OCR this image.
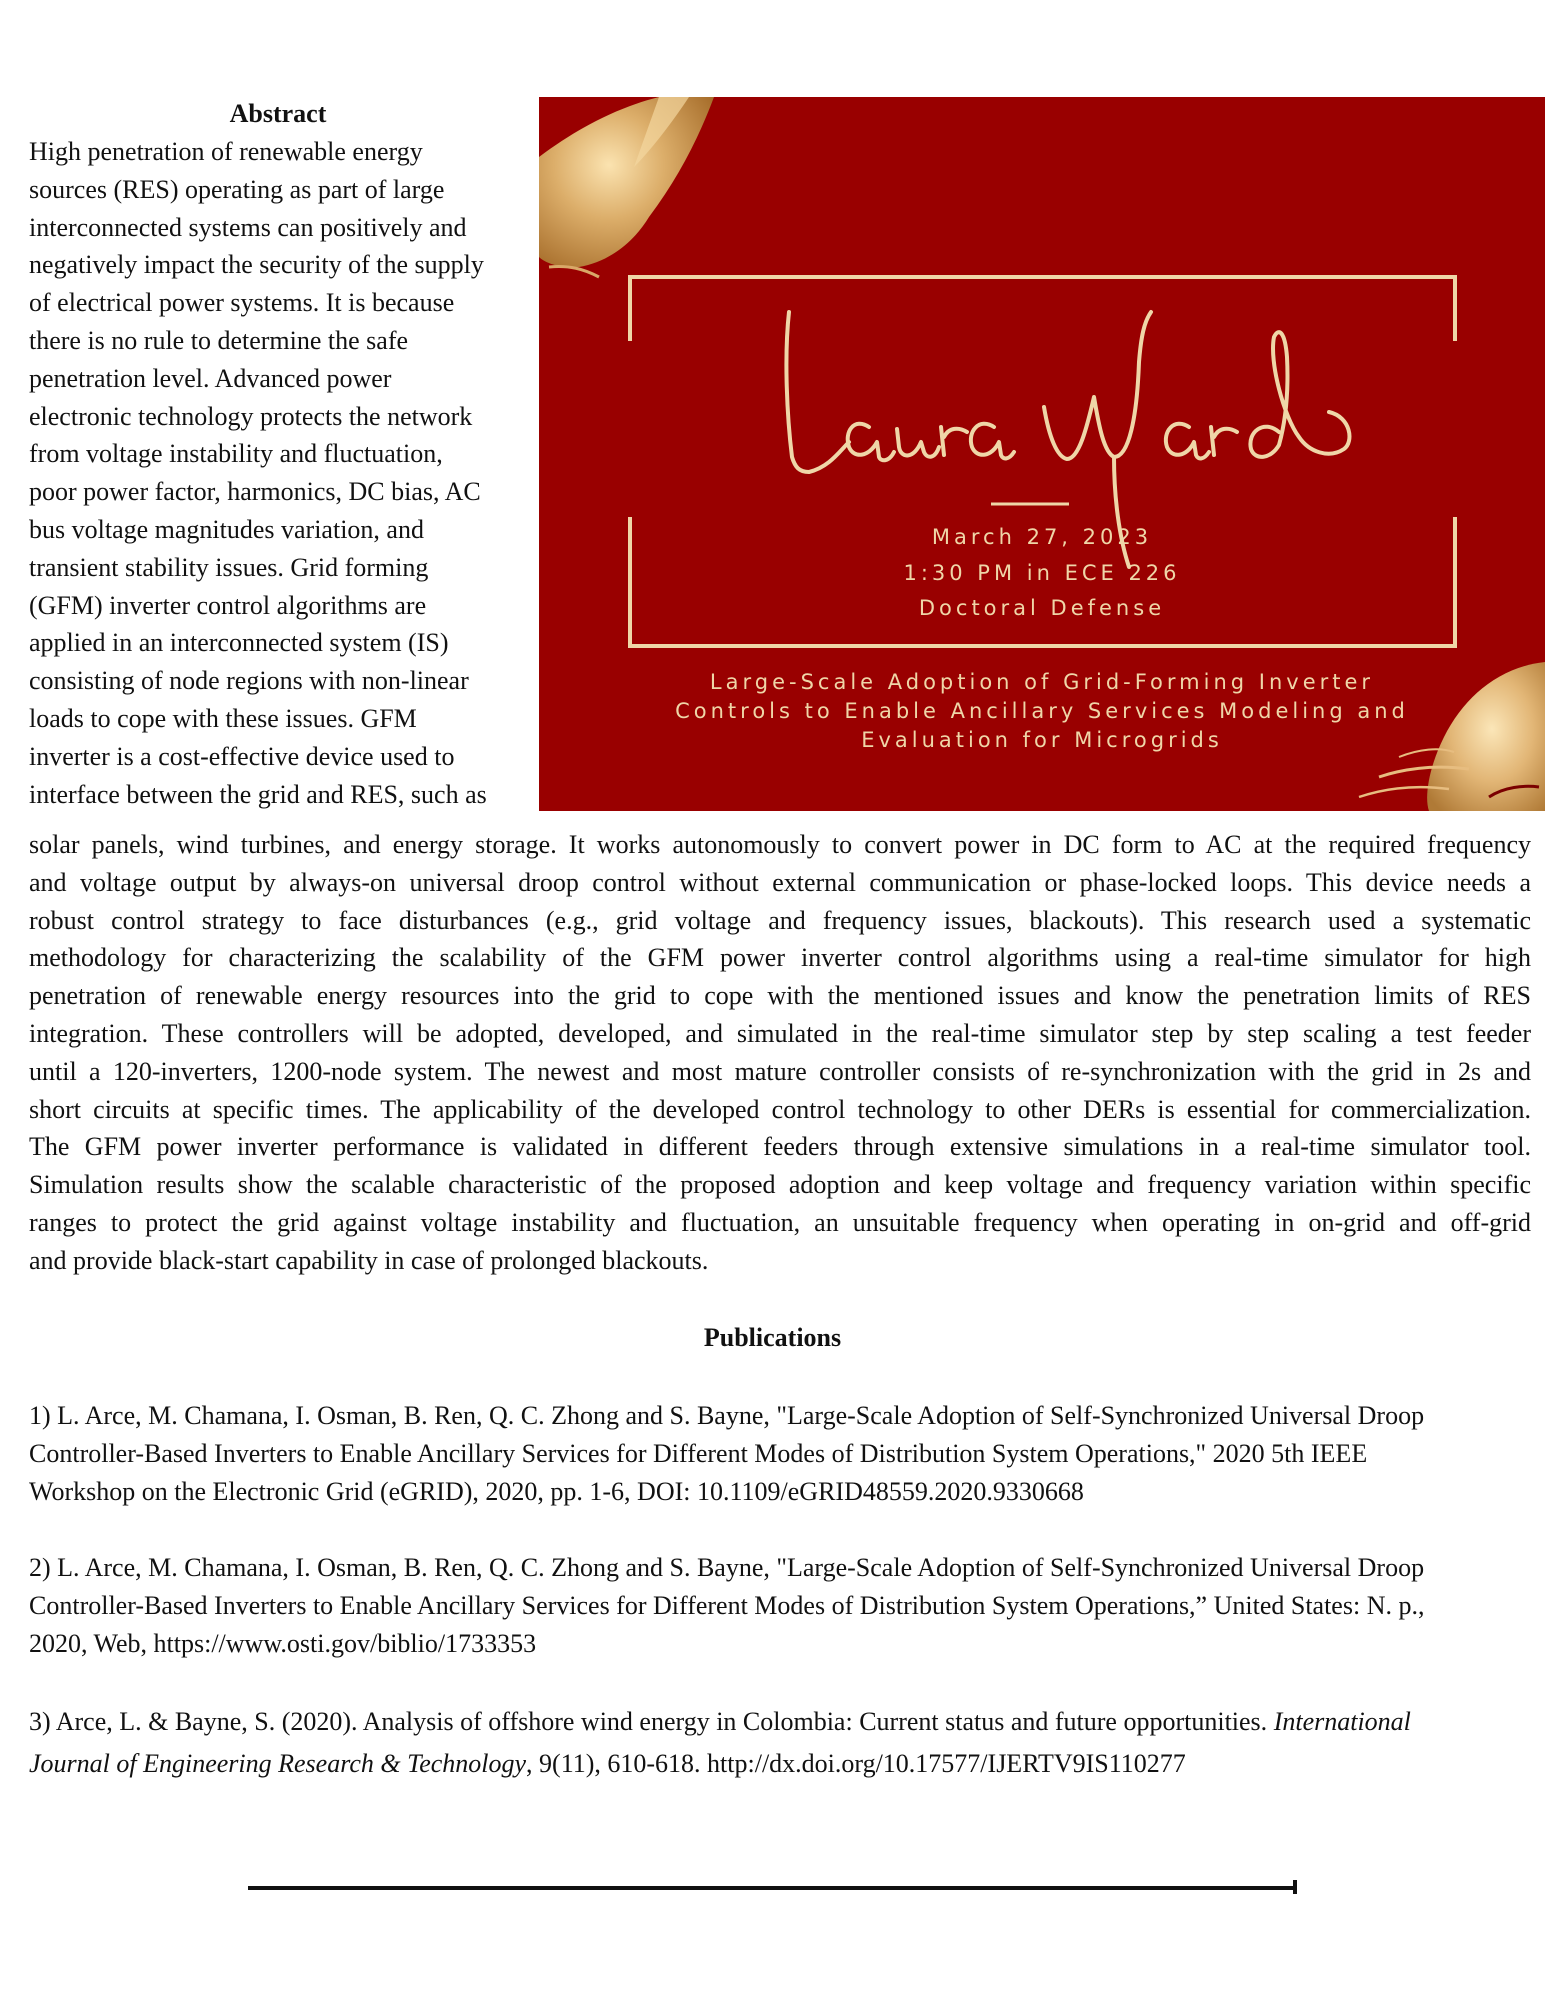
Abstract
High penetration of renewable energy
sources (RES) operating as part of large
interconnected systems can positively and
negatively impact the security of the supply
of electrical power systems. It is because
there is no rule to determine the safe
penetration level. Advanced power
electronic technology protects the network
from voltage instability and fluctuation,
poor power factor, harmonics, DC bias, AC
bus voltage magnitudes variation, and
transient stability issues. Grid forming
(GFM) inverter control algorithms are
applied in an interconnected system (IS)
consisting of node regions with non-linear
loads to cope with these issues. GFM
inverter is a cost-effective device used to
interface between the grid and RES, such as
March 27, 2023
1:30 PM in ECE 226
Doctoral Defense
Large-Scale Adoption of Grid-Forming Inverter
Controls to Enable Ancillary Services Modeling and
Evaluation for Microgrids
solar panels, wind turbines, and energy storage. It works autonomously to convert power in DC form to AC at the required frequency
and voltage output by always-on universal droop control without external communication or phase-locked loops. This device needs a
robust control strategy to face disturbances (e.g., grid voltage and frequency issues, blackouts). This research used a systematic
methodology for characterizing the scalability of the GFM power inverter control algorithms using a real-time simulator for high
penetration of renewable energy resources into the grid to cope with the mentioned issues and know the penetration limits of RES
integration. These controllers will be adopted, developed, and simulated in the real-time simulator step by step scaling a test feeder
until a 120-inverters, 1200-node system. The newest and most mature controller consists of re-synchronization with the grid in 2s and
short circuits at specific times. The applicability of the developed control technology to other DERs is essential for commercialization.
The GFM power inverter performance is validated in different feeders through extensive simulations in a real-time simulator tool.
Simulation results show the scalable characteristic of the proposed adoption and keep voltage and frequency variation within specific
ranges to protect the grid against voltage instability and fluctuation, an unsuitable frequency when operating in on-grid and off-grid
and provide black-start capability in case of prolonged blackouts.
Publications
1) L. Arce, M. Chamana, I. Osman, B. Ren, Q. C. Zhong and S. Bayne, "Large-Scale Adoption of Self-Synchronized Universal Droop
Controller-Based Inverters to Enable Ancillary Services for Different Modes of Distribution System Operations," 2020 5th IEEE
Workshop on the Electronic Grid (eGRID), 2020, pp. 1-6, DOI: 10.1109/eGRID48559.2020.9330668
2) L. Arce, M. Chamana, I. Osman, B. Ren, Q. C. Zhong and S. Bayne, "Large-Scale Adoption of Self-Synchronized Universal Droop
Controller-Based Inverters to Enable Ancillary Services for Different Modes of Distribution System Operations,” United States: N. p.,
2020, Web, https://www.osti.gov/biblio/1733353
3) Arce, L. & Bayne, S. (2020). Analysis of offshore wind energy in Colombia: Current status and future opportunities. International
Journal of Engineering Research & Technology, 9(11), 610-618. http://dx.doi.org/10.17577/IJERTV9IS110277
